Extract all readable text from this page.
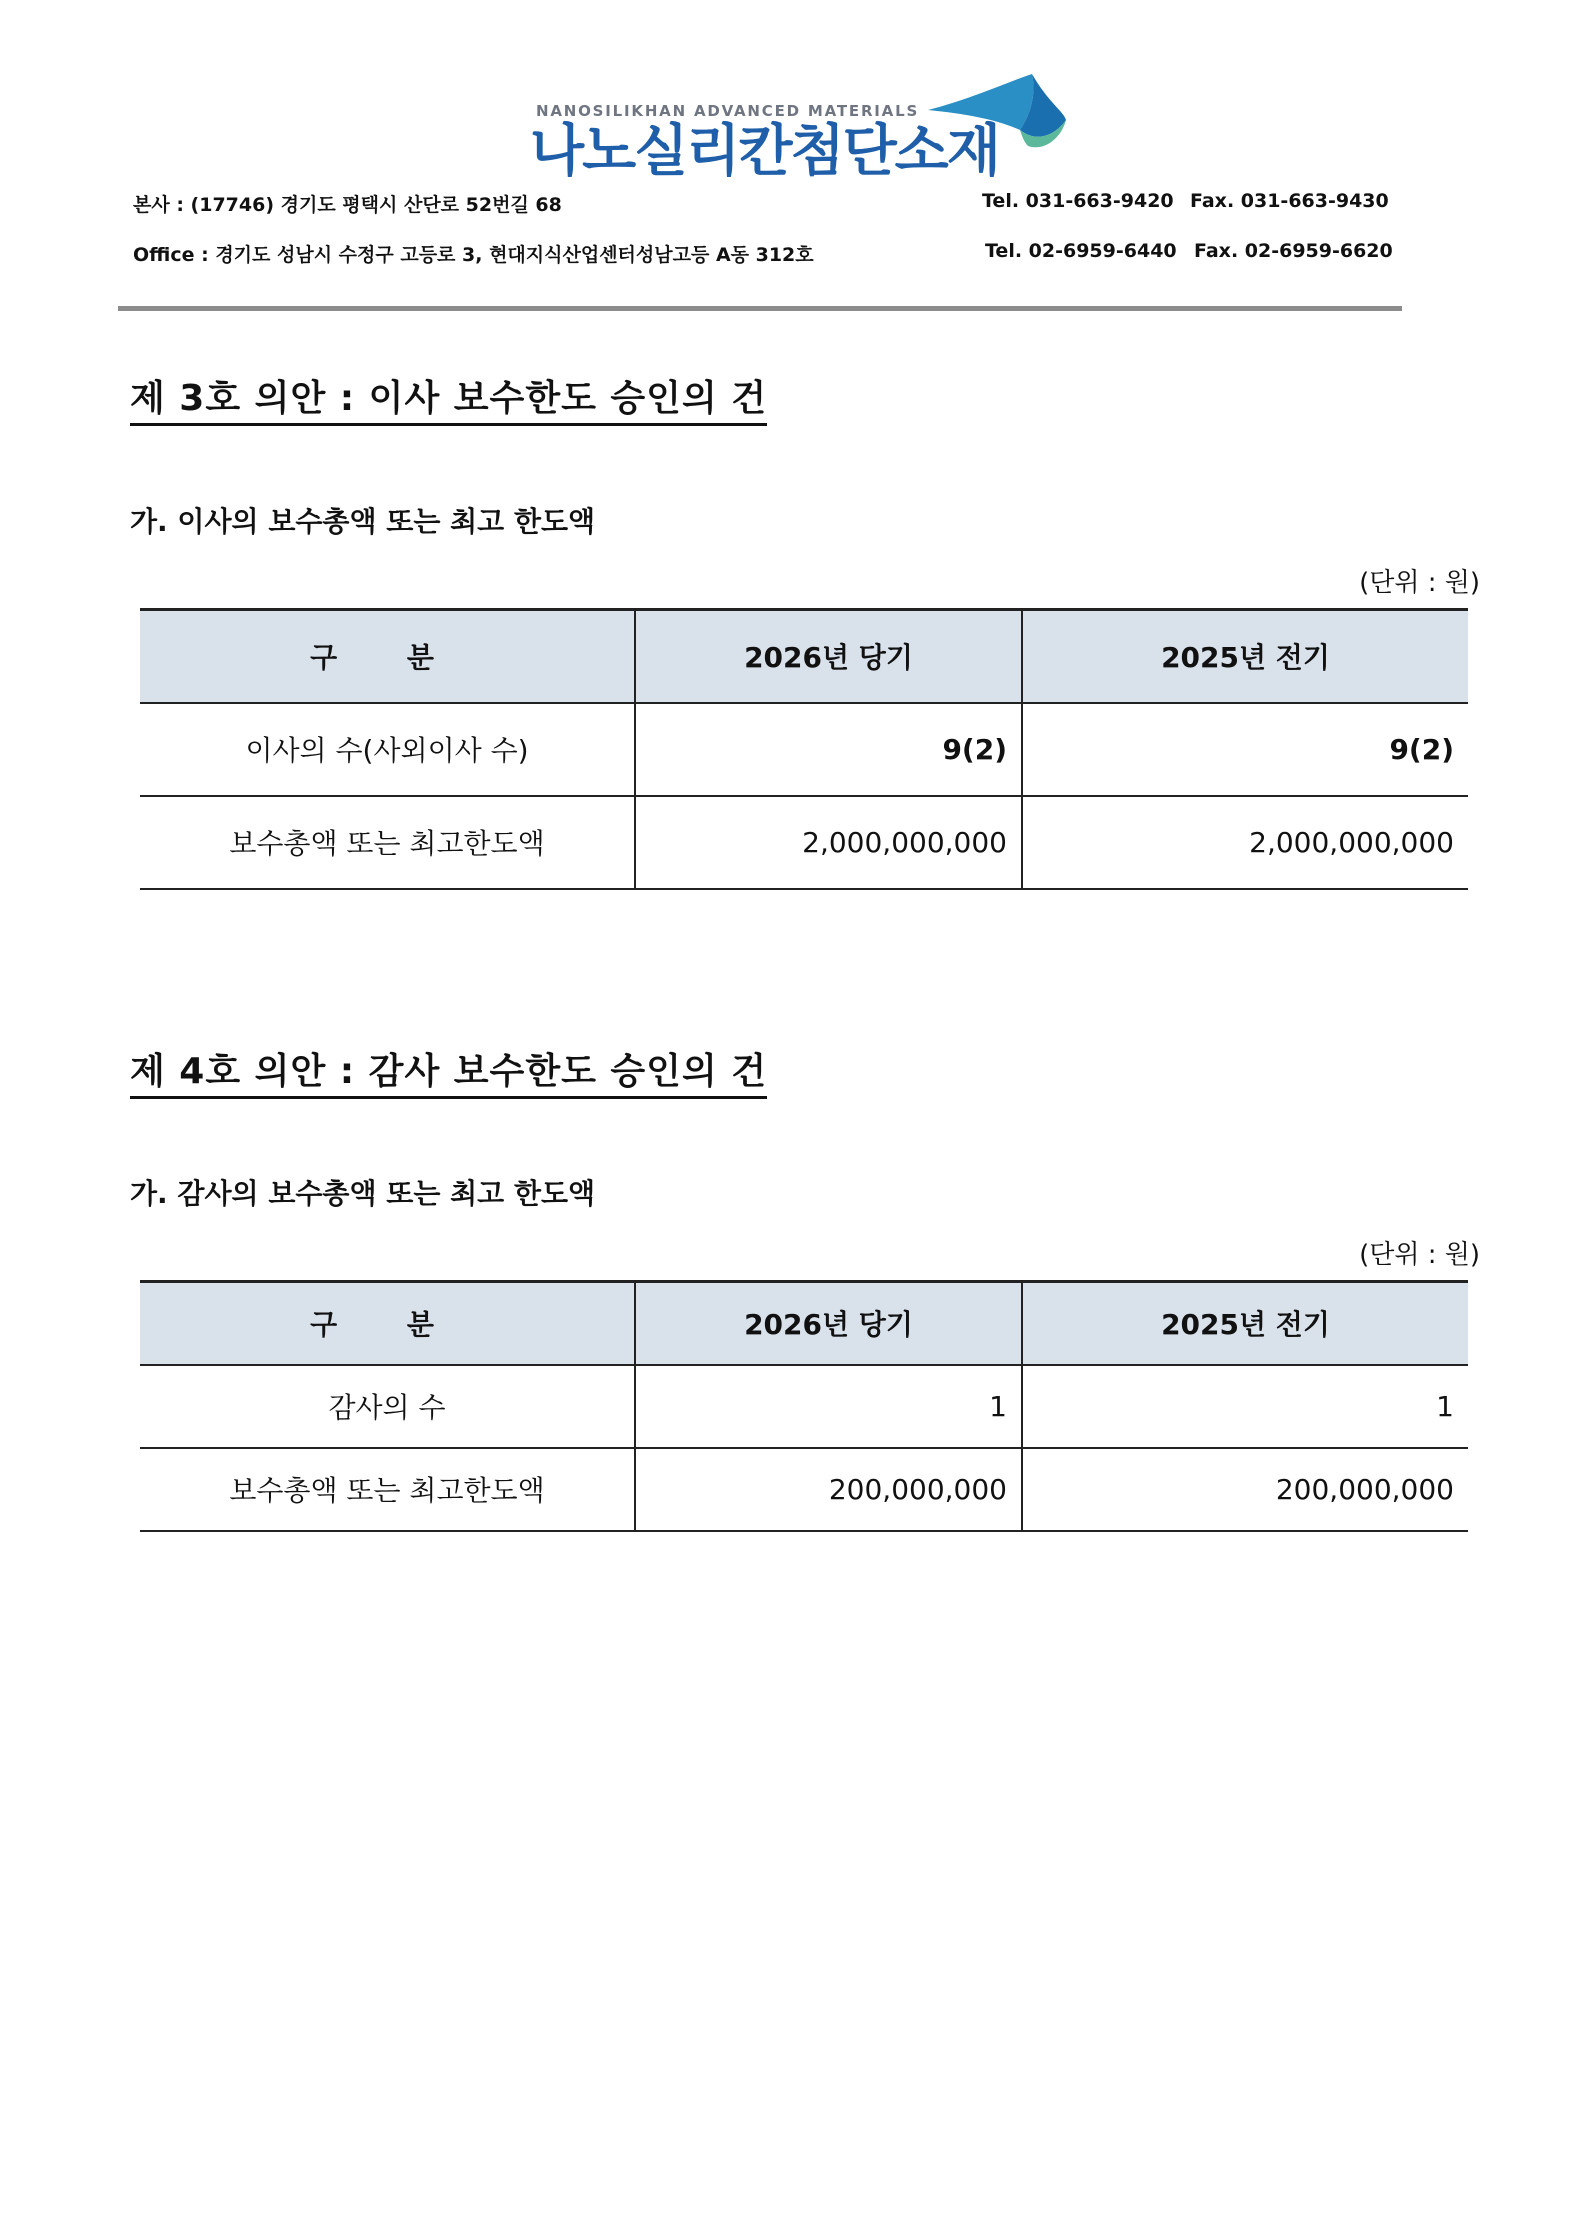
NANOSILIKHAN ADVANCED MATERIALS
나노실리칸첨단소재
본사 : (17746) 경기도 평택시 산단로 52번길 68	Tel. 031-663-9420 Fax. 031-663-9430
Office : 경기도 성남시 수정구 고등로 3, 현대지식산업센터성남고등 A동 312호	Tel. 02-6959-6440 Fax. 02-6959-6620
제 3호 의안 : 이사 보수한도 승인의 건
가. 이사의 보수총액 또는 최고 한도액
(단위 : 원)
구 분	2026년 당기	2025년 전기
이사의 수(사외이사 수)	9(2)	9(2)
보수총액 또는 최고한도액	2,000,000,000	2,000,000,000
제 4호 의안 : 감사 보수한도 승인의 건
가. 감사의 보수총액 또는 최고 한도액
(단위 : 원)
구 분	2026년 당기	2025년 전기
감사의 수	1	1
보수총액 또는 최고한도액	200,000,000	200,000,000
